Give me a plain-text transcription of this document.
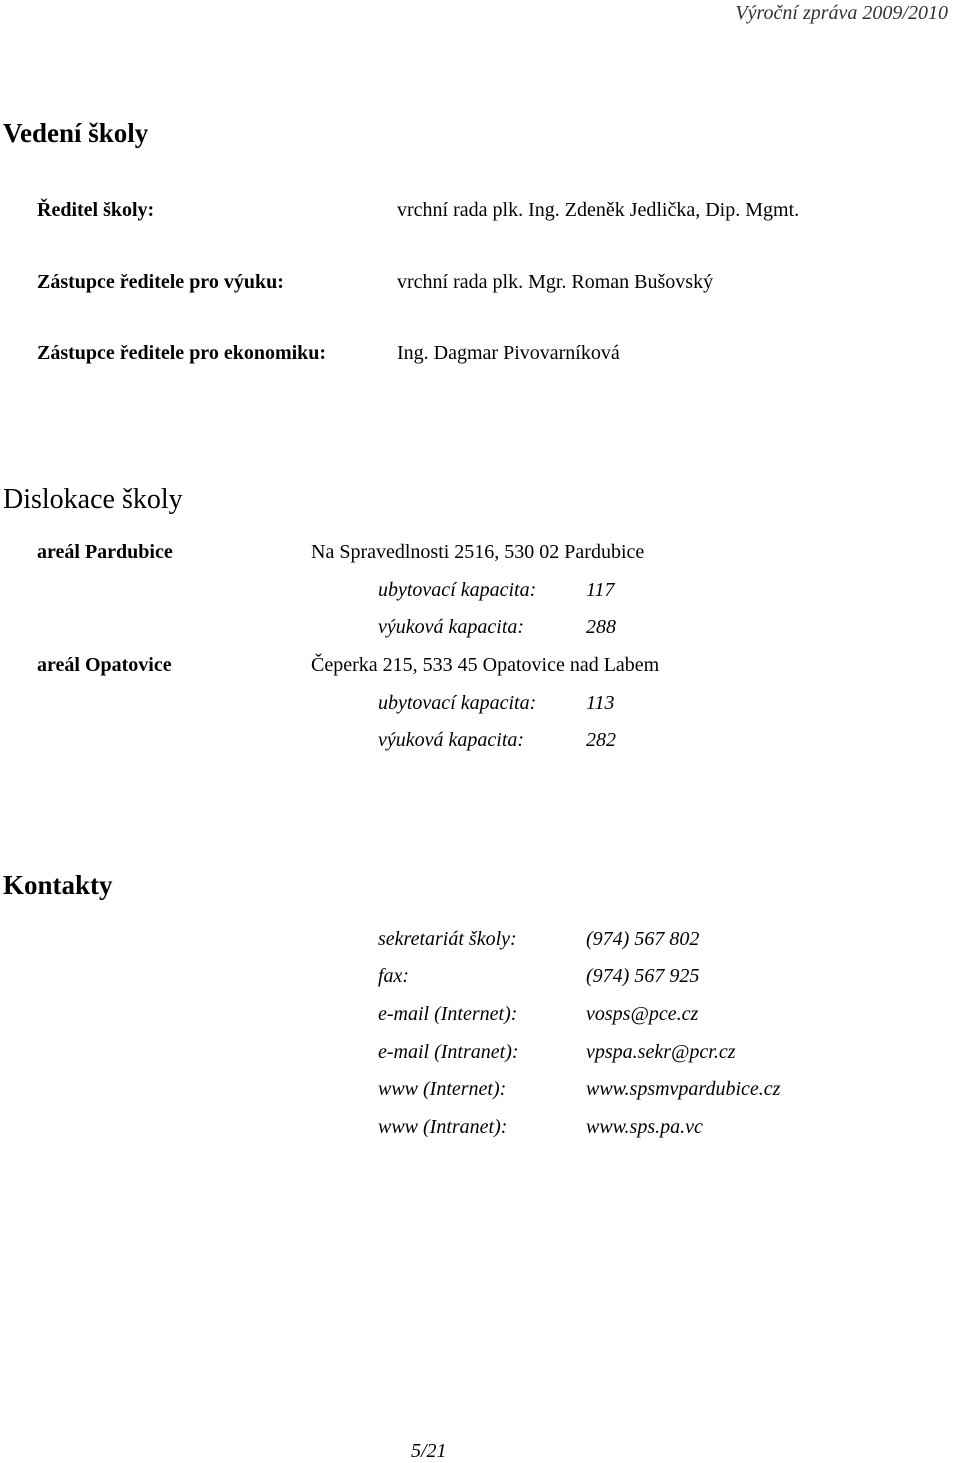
Výroční zpráva 2009/2010
Vedení školy
Ředitel školy:	vrchní rada plk. Ing. Zdeněk Jedlička, Dip. Mgmt.
Zástupce ředitele pro výuku:	vrchní rada plk. Mgr. Roman Bušovský
Zástupce ředitele pro ekonomiku:	Ing. Dagmar Pivovarníková
Dislokace školy
areál Pardubice	Na Spravedlnosti 2516, 530 02 Pardubice
ubytovací kapacita: 117
výuková kapacita:	288
areál Opatovice	Čeperka 215, 533 45 Opatovice nad Labem
ubytovací kapacita: 113
výuková kapacita:	282
Kontakty
sekretariát školy:	(974) 567 802
fax:	(974) 567 925
e-mail (Internet):	vosps@pce.cz
e-mail (Intranet):	vpspa.sekr@pcr.cz
www (Internet):	www.spsmvpardubice.cz
www (Intranet):	www.sps.pa.vc
5/21
